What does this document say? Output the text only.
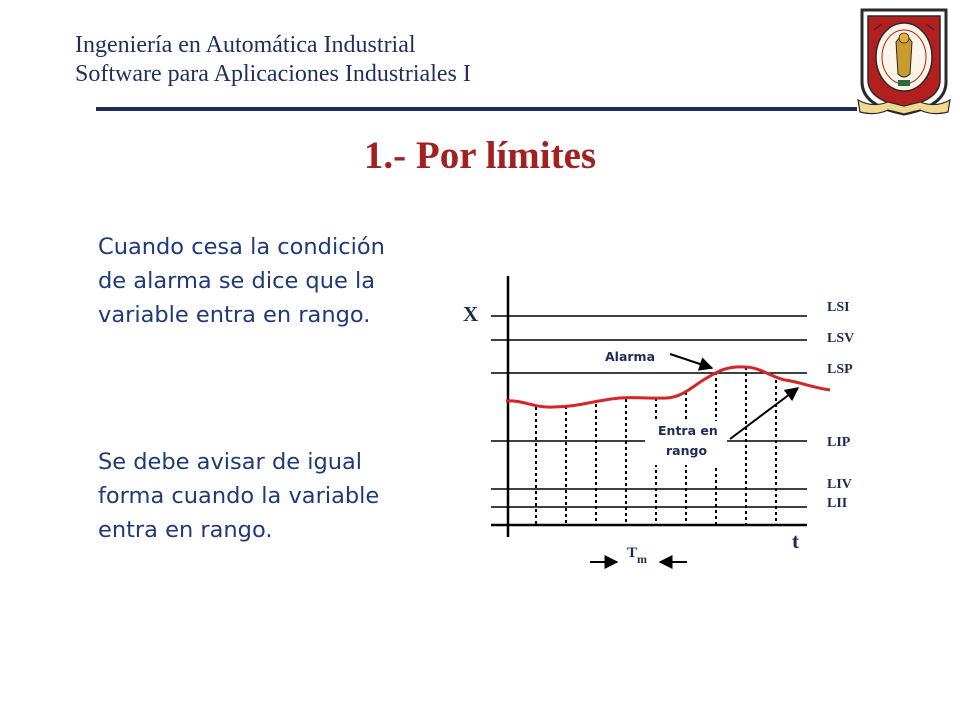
Ingeniería en Automática Industrial
Software para Aplicaciones Industriales I
1.- Por límites
Cuando cesa la condición de alarma se dice que la variable entra en rango.
Se debe avisar de igual forma cuando la variable entra en rango.
X
t
LSI
LSV
LSP
LIP
LIV
LII
Alarma
Entra en
rango
T m
